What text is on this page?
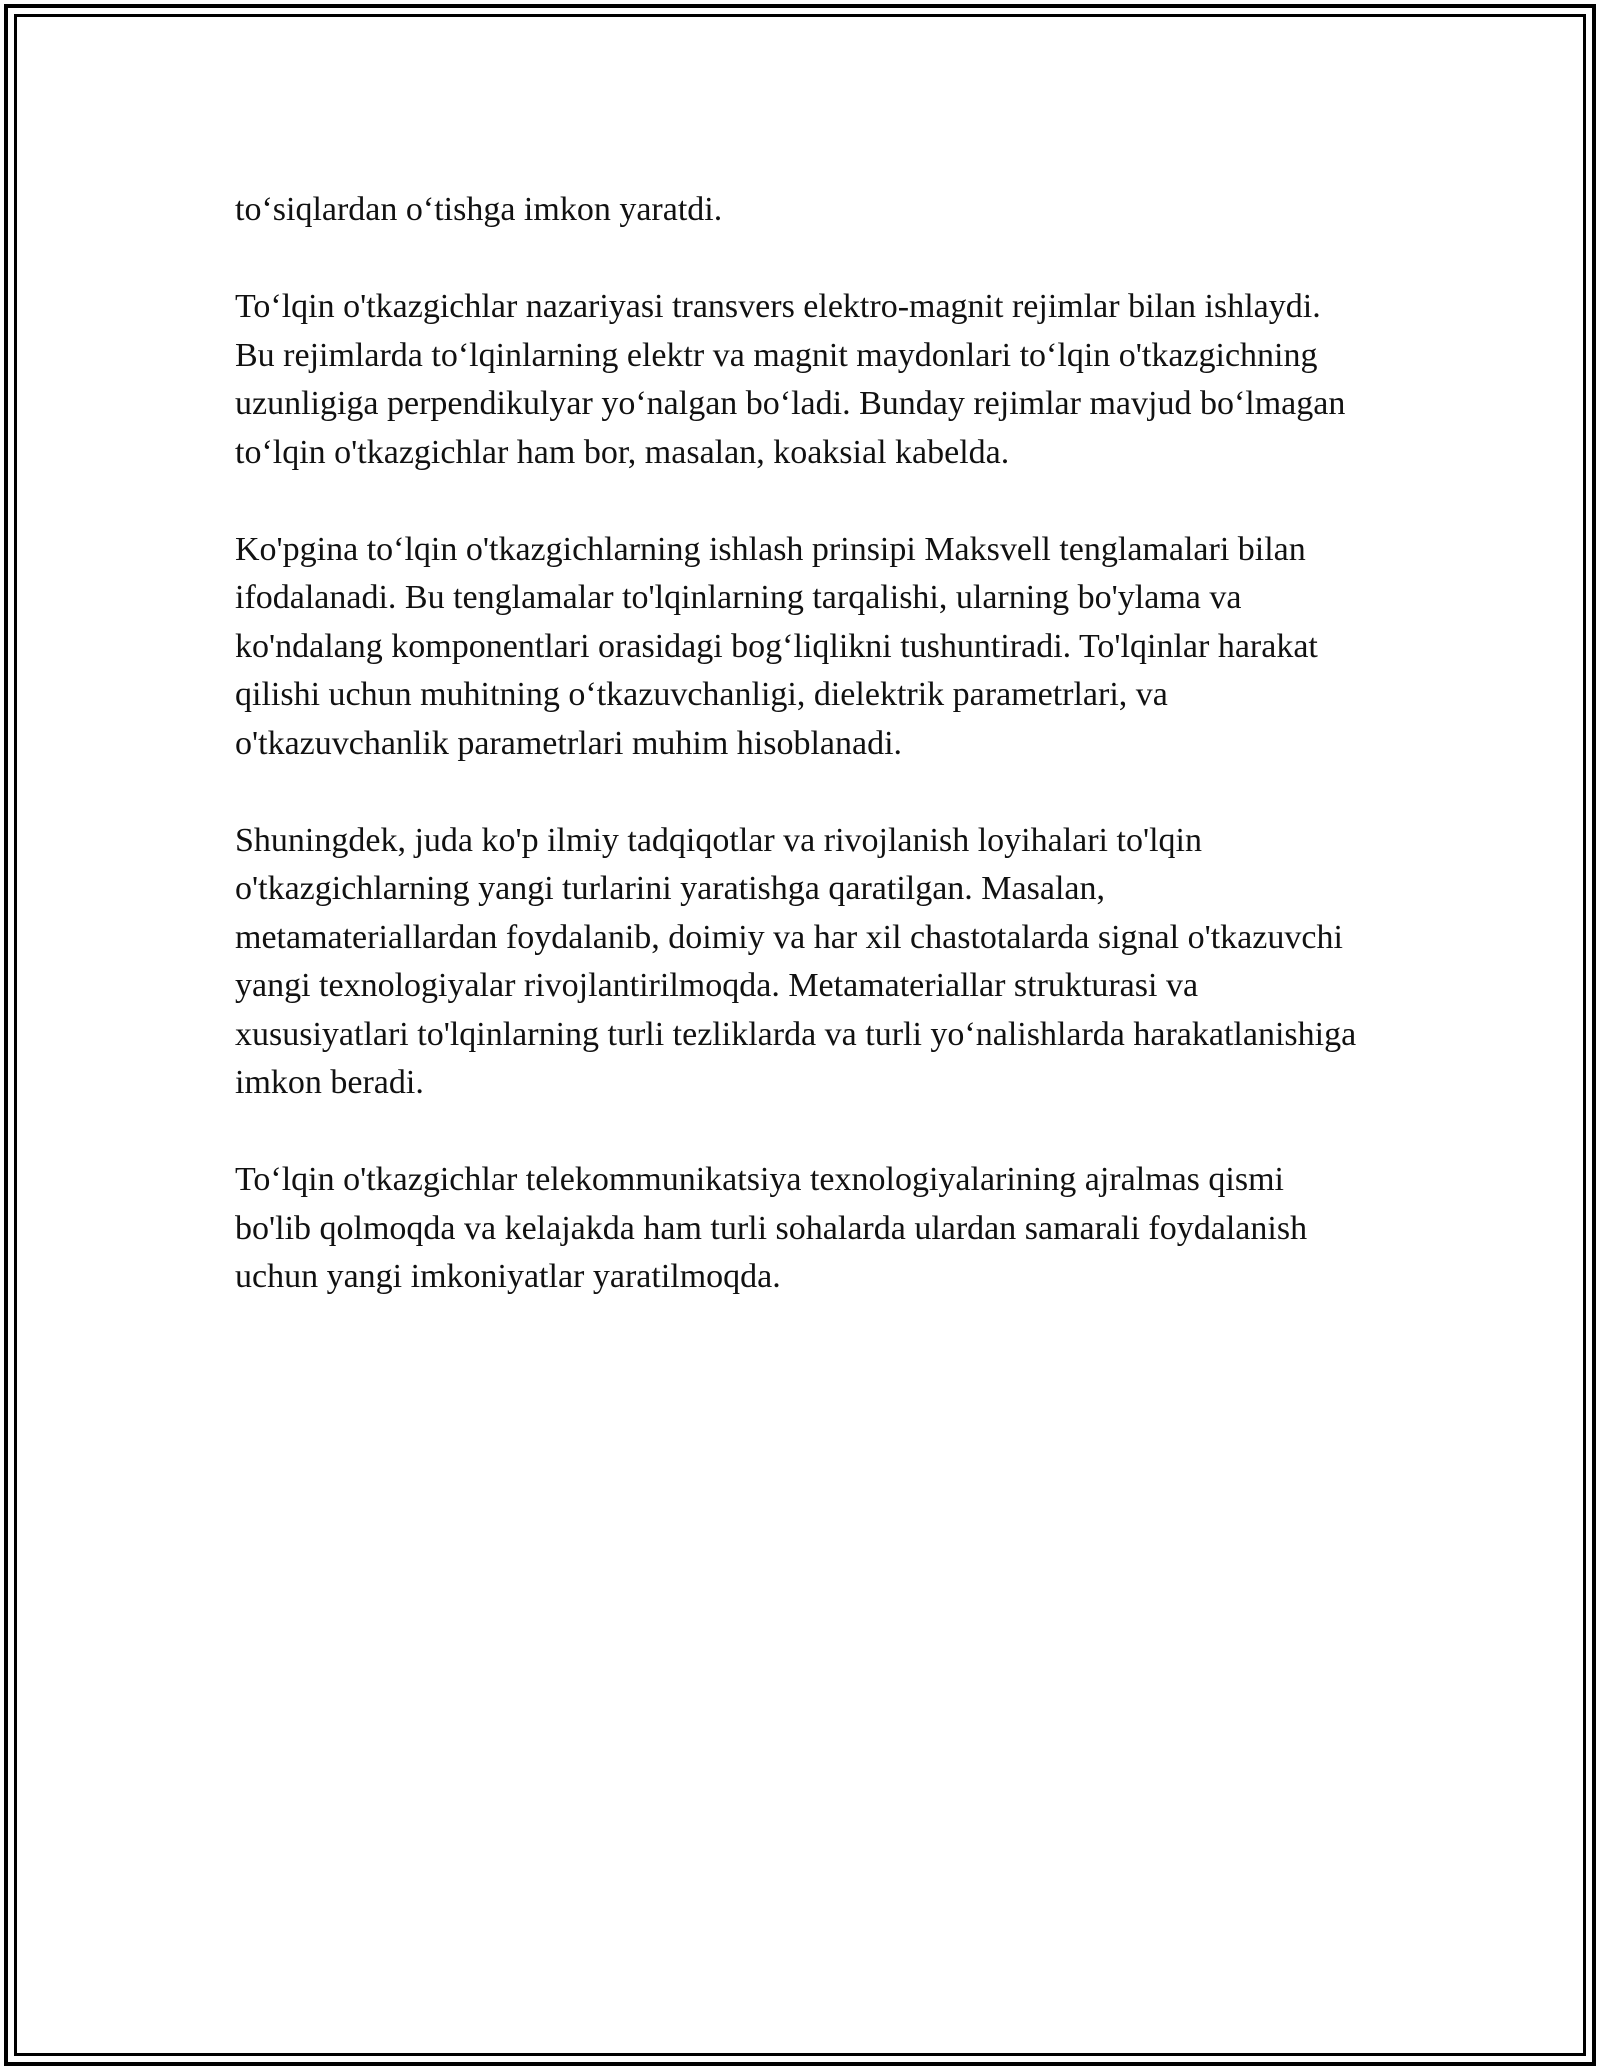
to‘siqlardan o‘tishga imkon yaratdi.

To‘lqin o'tkazgichlar nazariyasi transvers elektro-magnit rejimlar bilan ishlaydi. Bu rejimlarda to‘lqinlarning elektr va magnit maydonlari to‘lqin o'tkazgichning uzunligiga perpendikulyar yo‘nalgan bo‘ladi. Bunday rejimlar mavjud bo‘lmagan to‘lqin o'tkazgichlar ham bor, masalan, koaksial kabelda.

Ko'pgina to‘lqin o'tkazgichlarning ishlash prinsipi Maksvell tenglamalari bilan ifodalanadi. Bu tenglamalar to'lqinlarning tarqalishi, ularning bo'ylama va ko'ndalang komponentlari orasidagi bog‘liqlikni tushuntiradi. To'lqinlar harakat qilishi uchun muhitning o‘tkazuvchanligi, dielektrik parametrlari, va o'tkazuvchanlik parametrlari muhim hisoblanadi.

Shuningdek, juda ko'p ilmiy tadqiqotlar va rivojlanish loyihalari to'lqin o'tkazgichlarning yangi turlarini yaratishga qaratilgan. Masalan, metamateriallardan foydalanib, doimiy va har xil chastotalarda signal o'tkazuvchi yangi texnologiyalar rivojlantirilmoqda. Metamateriallar strukturasi va xususiyatlari to'lqinlarning turli tezliklarda va turli yo‘nalishlarda harakatlanishiga imkon beradi.

To‘lqin o'tkazgichlar telekommunikatsiya texnologiyalarining ajralmas qismi bo'lib qolmoqda va kelajakda ham turli sohalarda ulardan samarali foydalanish uchun yangi imkoniyatlar yaratilmoqda.
